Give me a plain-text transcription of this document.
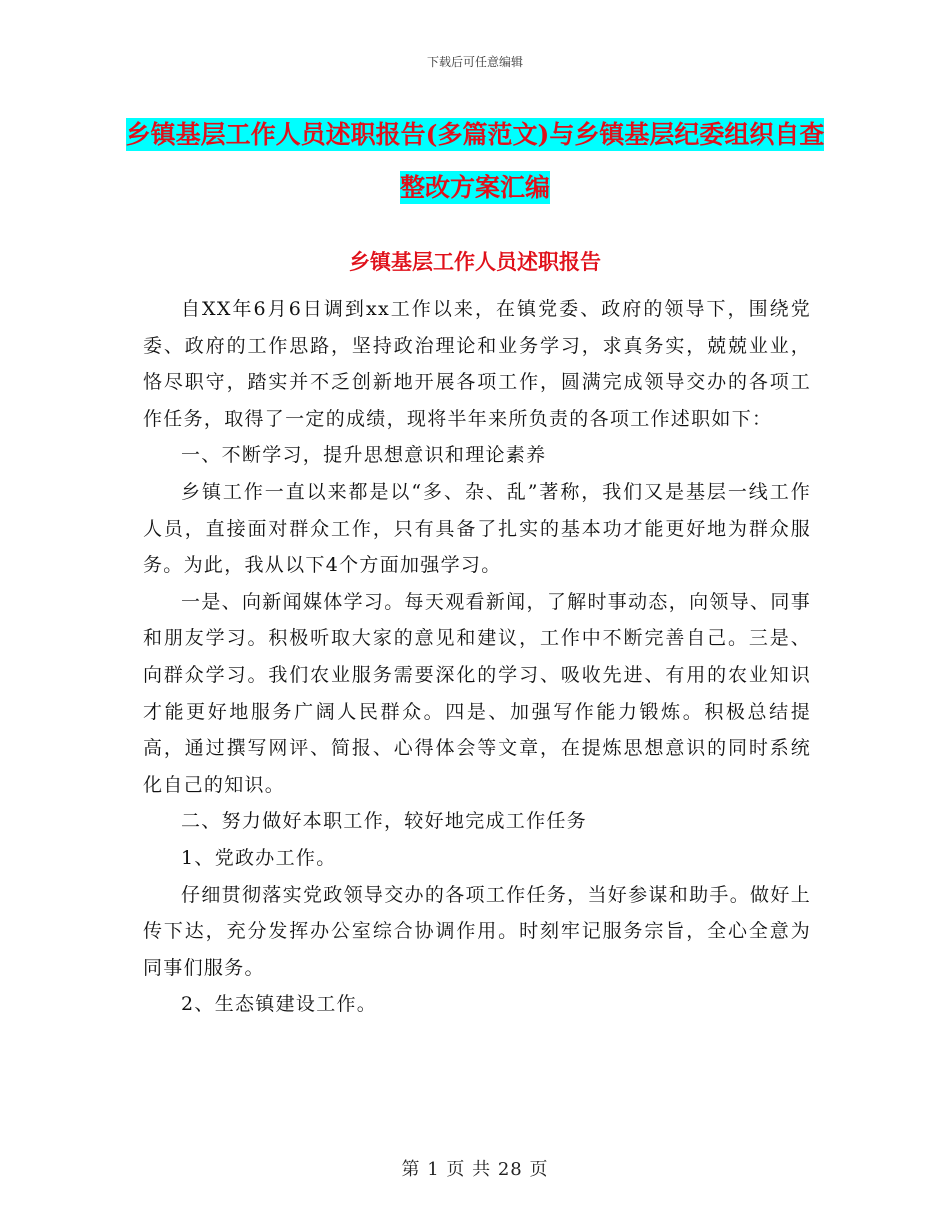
下载后可任意编辑
乡镇基层工作人员述职报告(多篇范文)与乡镇基层纪委组织自查整改方案汇编
乡镇基层工作人员述职报告

自XX年6月6日调到xx工作以来，在镇党委、政府的领导下，围绕党委、政府的工作思路，坚持政治理论和业务学习，求真务实，兢兢业业，恪尽职守，踏实并不乏创新地开展各项工作，圆满完成领导交办的各项工作任务，取得了一定的成绩，现将半年来所负责的各项工作述职如下：

一、不断学习，提升思想意识和理论素养

乡镇工作一直以来都是以“多、杂、乱”著称，我们又是基层一线工作人员，直接面对群众工作，只有具备了扎实的基本功才能更好地为群众服务。为此，我从以下4个方面加强学习。

一是、向新闻媒体学习。每天观看新闻，了解时事动态，向领导、同事和朋友学习。积极听取大家的意见和建议，工作中不断完善自己。三是、向群众学习。我们农业服务需要深化的学习、吸收先进、有用的农业知识才能更好地服务广阔人民群众。四是、加强写作能力锻炼。积极总结提高，通过撰写网评、简报、心得体会等文章，在提炼思想意识的同时系统化自己的知识。

二、努力做好本职工作，较好地完成工作任务

1、党政办工作。

仔细贯彻落实党政领导交办的各项工作任务，当好参谋和助手。做好上传下达，充分发挥办公室综合协调作用。时刻牢记服务宗旨，全心全意为同事们服务。

2、生态镇建设工作。

第 1 页 共 28 页
